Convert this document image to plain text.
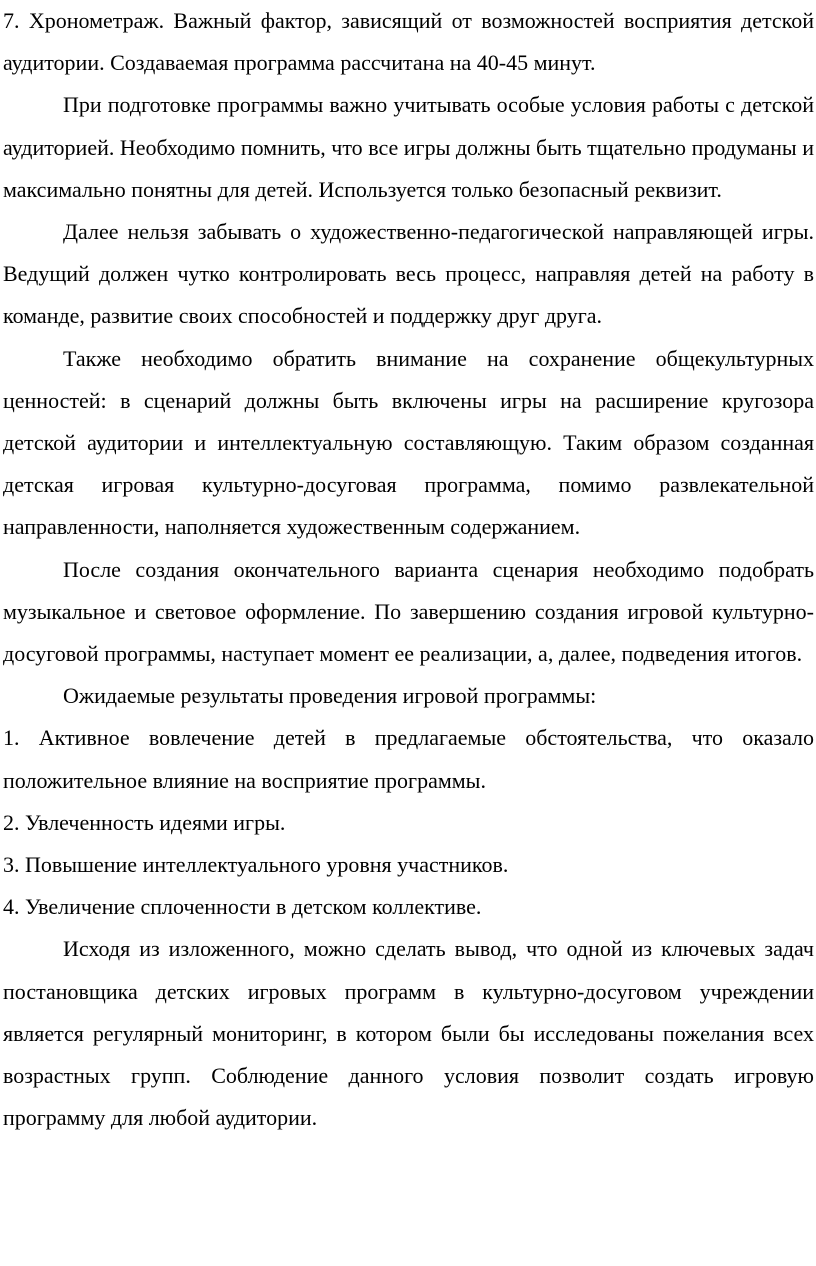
7. Хронометраж. Важный фактор, зависящий от возможностей восприятия детской аудитории. Создаваемая программа рассчитана на 40-45 минут.

При подготовке программы важно учитывать особые условия работы с детской аудиторией. Необходимо помнить, что все игры должны быть тщательно продуманы и максимально понятны для детей. Используется только безопасный реквизит.

Далее нельзя забывать о художественно-педагогической направляющей игры. Ведущий должен чутко контролировать весь процесс, направляя детей на работу в команде, развитие своих способностей и поддержку друг друга.

Также необходимо обратить внимание на сохранение общекультурных ценностей: в сценарий должны быть включены игры на расширение кругозора детской аудитории и интеллектуальную составляющую. Таким образом созданная детская игровая культурно-досуговая программа, помимо развлекательной направленности, наполняется художественным содержанием.

После создания окончательного варианта сценария необходимо подобрать музыкальное и световое оформление. По завершению создания игровой культурно-досуговой программы, наступает момент ее реализации, а, далее, подведения итогов.

Ожидаемые результаты проведения игровой программы:

1. Активное вовлечение детей в предлагаемые обстоятельства, что оказало положительное влияние на восприятие программы.

2. Увлеченность идеями игры.

3. Повышение интеллектуального уровня участников.

4. Увеличение сплоченности в детском коллективе.

Исходя из изложенного, можно сделать вывод, что одной из ключевых задач постановщика детских игровых программ в культурно-досуговом учреждении является регулярный мониторинг, в котором были бы исследованы пожелания всех возрастных групп. Соблюдение данного условия позволит создать игровую программу для любой аудитории.
